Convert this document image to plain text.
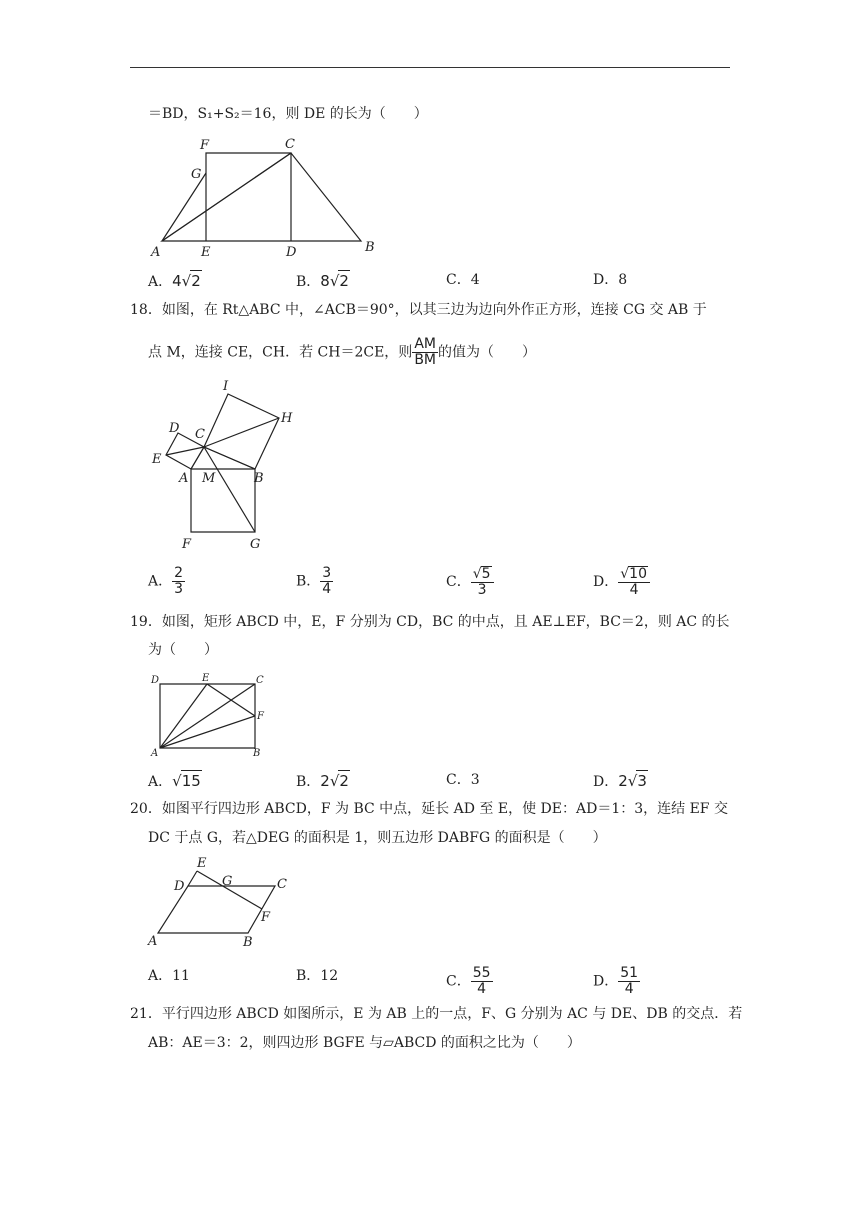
＝BD，S₁+S₂＝16，则 DE 的长为（　　）
F	C
G
A	E	D	B
A．4√2	B．8√2	C．4	D．8
18．如图，在 Rt△ABC 中，∠ACB＝90°，以其三边为边向外作正方形，连接 CG 交 AB 于
点 M，连接 CE，CH．若 CH＝2CE，则 $\frac{AM}{BM}$ 的值为（　　）
I
H
D C
E
A M	B
F	G
A． $\frac{2}{3}$	B． $\frac{3}{4}$	C． $\frac{√5}{3}$	D． $\frac{√10}{4}$
19．如图，矩形 ABCD 中，E，F 分别为 CD，BC 的中点，且 AE⊥EF，BC＝2，则 AC 的长
为（　　）
D	E	C
F
A	B
A．√15	B．2√2	C．3	D．2√3
20．如图平行四边形 ABCD，F 为 BC 中点，延长 AD 至 E，使 DE：AD＝1：3，连结 EF 交
DC 于点 G，若△DEG 的面积是 1，则五边形 DABFG 的面积是（　　）
E
D	G	C
F
A	B
A．11	B．12	C． $\frac{55}{4}$	D． $\frac{51}{4}$
21．平行四边形 ABCD 如图所示，E 为 AB 上的一点，F、G 分别为 AC 与 DE、DB 的交点．若
AB：AE＝3：2，则四边形 BGFE 与▱ABCD 的面积之比为（　　）
